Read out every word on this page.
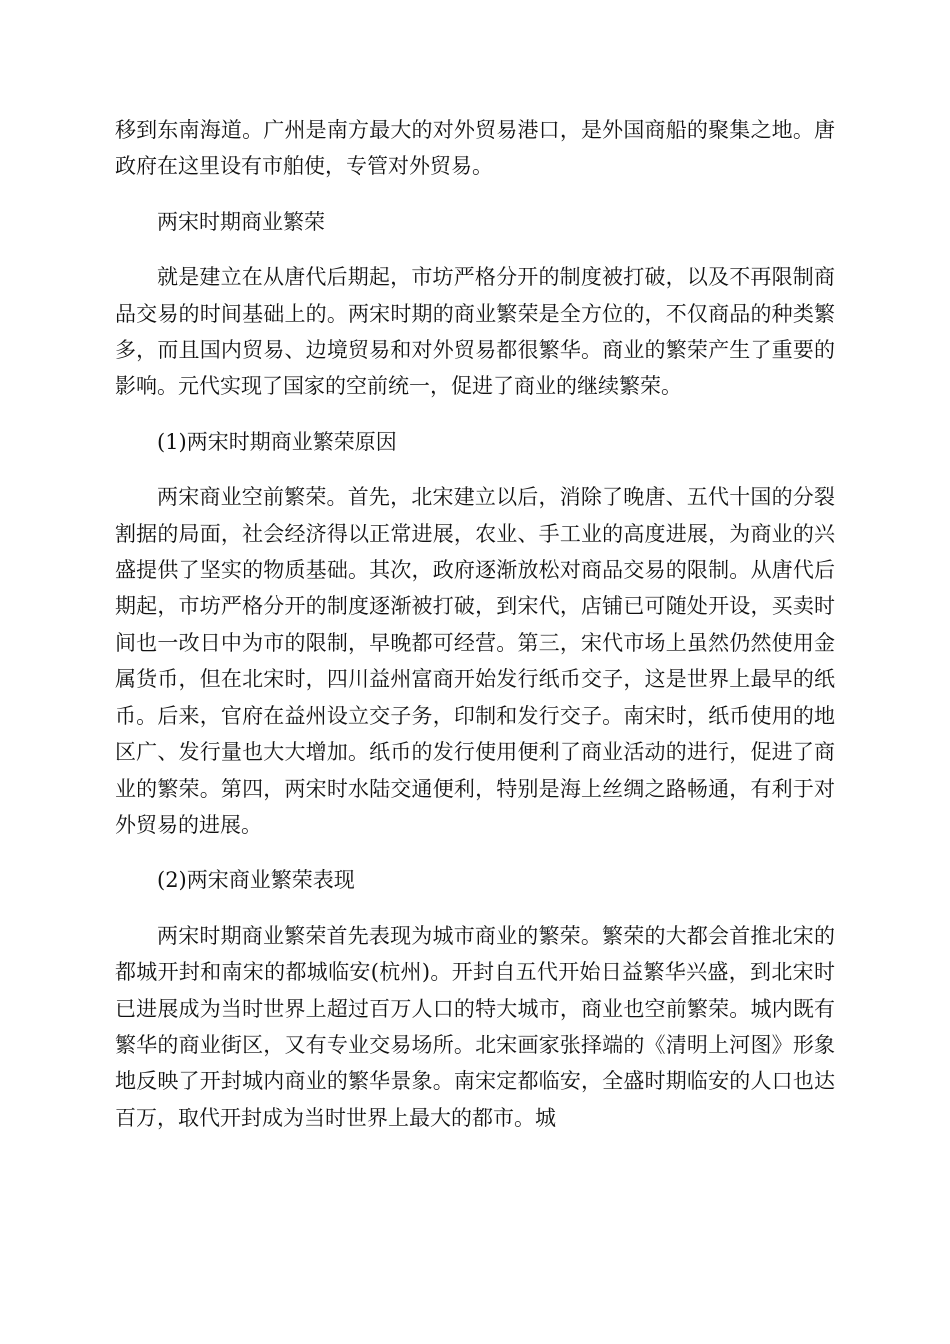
移到东南海道。广州是南方最大的对外贸易港口，是外国商船的聚集之地。唐政府在这里设有市舶使，专管对外贸易。

两宋时期商业繁荣

就是建立在从唐代后期起，市坊严格分开的制度被打破，以及不再限制商品交易的时间基础上的。两宋时期的商业繁荣是全方位的，不仅商品的种类繁多，而且国内贸易、边境贸易和对外贸易都很繁华。商业的繁荣产生了重要的影响。元代实现了国家的空前统一，促进了商业的继续繁荣。

(1)两宋时期商业繁荣原因

两宋商业空前繁荣。首先，北宋建立以后，消除了晚唐、五代十国的分裂割据的局面，社会经济得以正常进展，农业、手工业的高度进展，为商业的兴盛提供了坚实的物质基础。其次，政府逐渐放松对商品交易的限制。从唐代后期起，市坊严格分开的制度逐渐被打破，到宋代，店铺已可随处开设，买卖时间也一改日中为市的限制，早晚都可经营。第三，宋代市场上虽然仍然使用金属货币，但在北宋时，四川益州富商开始发行纸币交子，这是世界上最早的纸币。后来，官府在益州设立交子务，印制和发行交子。南宋时，纸币使用的地区广、发行量也大大增加。纸币的发行使用便利了商业活动的进行，促进了商业的繁荣。第四，两宋时水陆交通便利，特别是海上丝绸之路畅通，有利于对外贸易的进展。

(2)两宋商业繁荣表现

两宋时期商业繁荣首先表现为城市商业的繁荣。繁荣的大都会首推北宋的都城开封和南宋的都城临安(杭州)。开封自五代开始日益繁华兴盛，到北宋时已进展成为当时世界上超过百万人口的特大城市，商业也空前繁荣。城内既有繁华的商业街区，又有专业交易场所。北宋画家张择端的《清明上河图》形象地反映了开封城内商业的繁华景象。南宋定都临安，全盛时期临安的人口也达百万，取代开封成为当时世界上最大的都市。城
